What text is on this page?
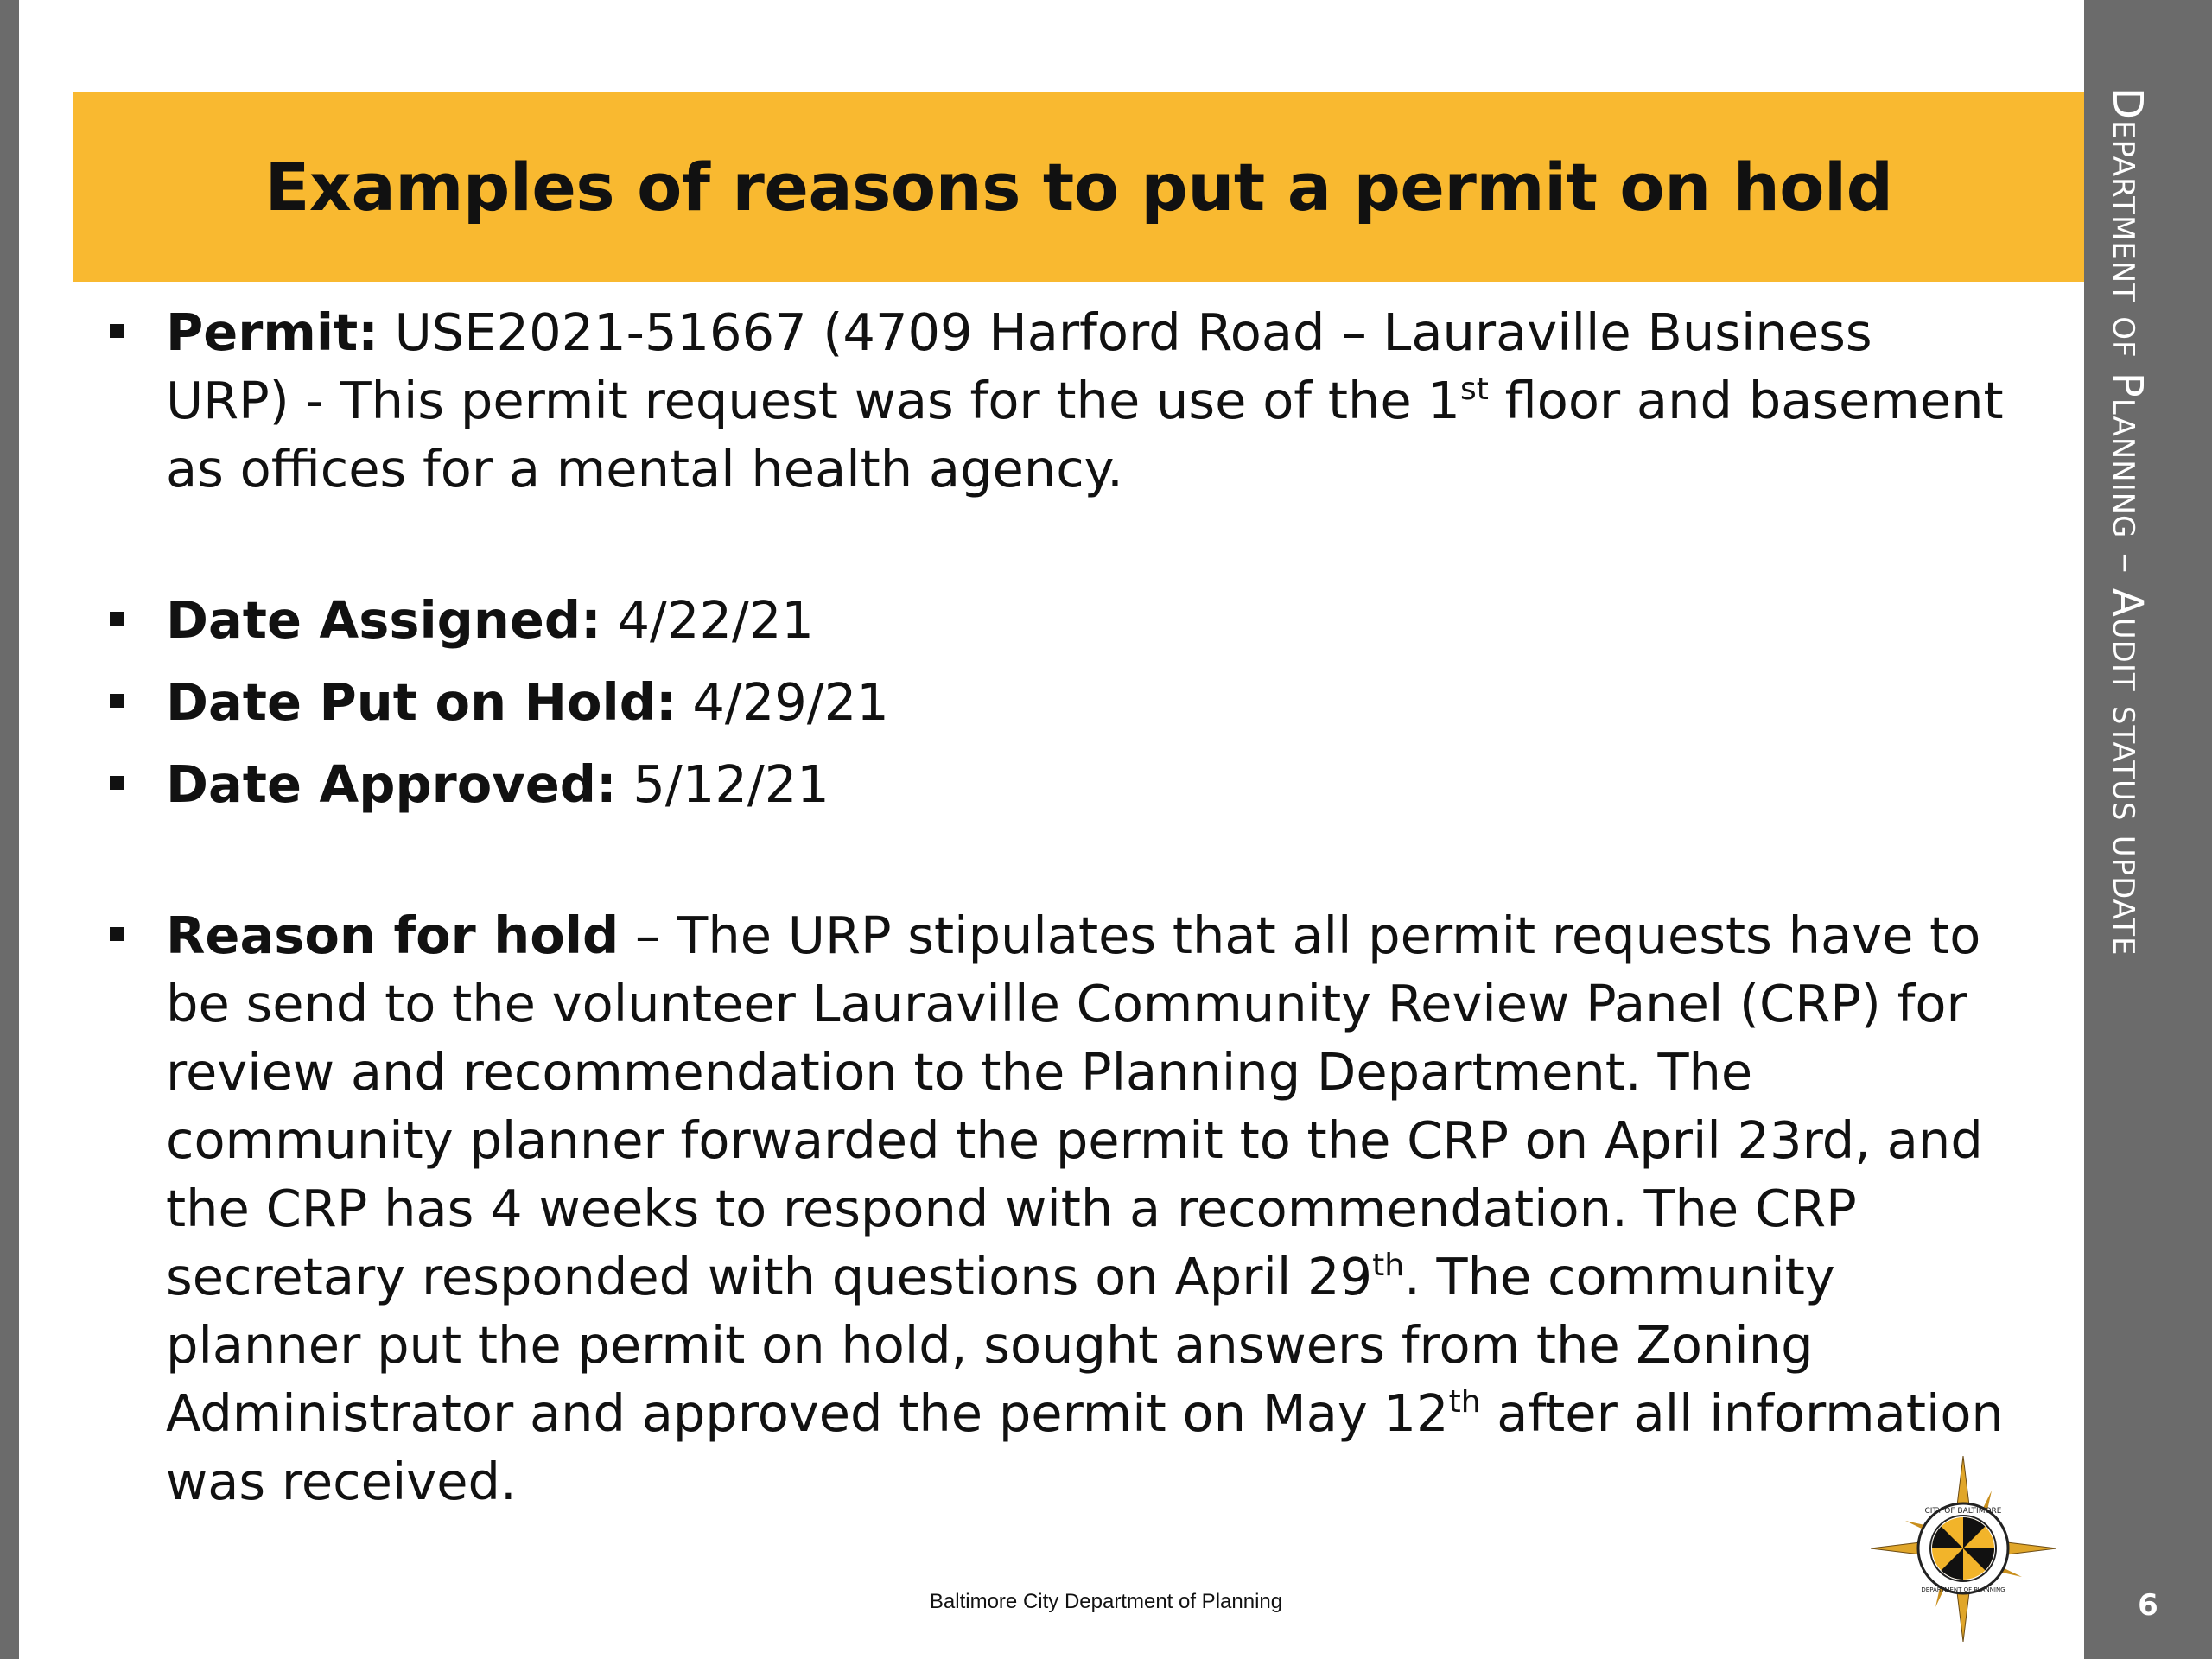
Department of Planning – Audit status update
6
Examples of reasons to put a permit on hold
Permit: USE2021-51667 (4709 Harford Road – Lauraville Business URP) - This permit request was for the use of the 1st floor and basement as offices for a mental health agency.
Date Assigned: 4/22/21
Date Put on Hold: 4/29/21
Date Approved: 5/12/21
Reason for hold – The URP stipulates that all permit requests have to be send to the volunteer Lauraville Community Review Panel (CRP) for review and recommendation to the Planning Department. The community planner forwarded the permit to the CRP on April 23rd, and the CRP has 4 weeks to respond with a recommendation. The CRP secretary responded with questions on April 29th. The community planner put the permit on hold, sought answers from the Zoning Administrator and approved the permit on May 12th after all information was received.
Baltimore City Department of Planning
CITY OF BALTIMORE
DEPARTMENT OF PLANNING
